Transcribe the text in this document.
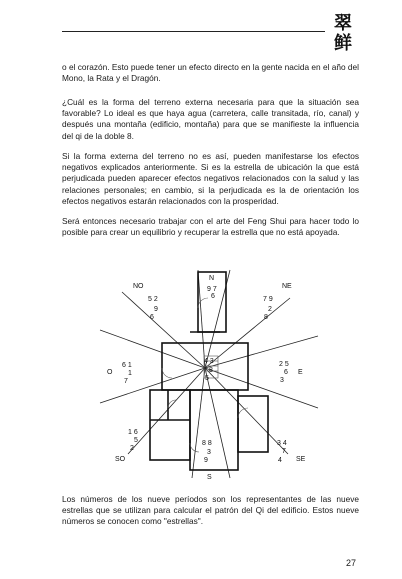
翠
鲜

o el corazón. Esto puede tener un efecto directo en la gente nacida en el año del Mono, la Rata y el Dragón.

¿Cuál es la forma del terreno externa necesaria para que la situación sea favorable? Lo ideal es que haya agua (carretera, calle transitada, río, canal) y después una montaña (edificio, montaña) para que se manifieste la influencia del qi de la doble 8.

Si la forma externa del terreno no es así, pueden manifestarse los efectos negativos explicados anteriormente. Si es la estrella de ubicación la que está perjudicada pueden aparecer efectos negativos relacionados con la salud y las relaciones personales; en cambio, si la perjudicada es la de orientación los efectos negativos estarán relacionados con la prosperidad.

Será entonces necesario trabajar con el arte del Feng Shui para hacer todo lo posible para crear un equilibrio y recuperar la estrella que no está apoyada.

NO
N
NE
O	E
SO	SE
S
5 2
9
6
9 7
6	7 9
2
8
6 1
1
7
4 3
8
5
2 5
6
3
1 6
5
2
8 8
3
9
3 4
7
4

Los números de los nueve períodos son los representantes de las nueve estrellas que se utilizan para calcular el patrón del Qi del edificio. Estos nueve números se conocen como "estrellas".

27
